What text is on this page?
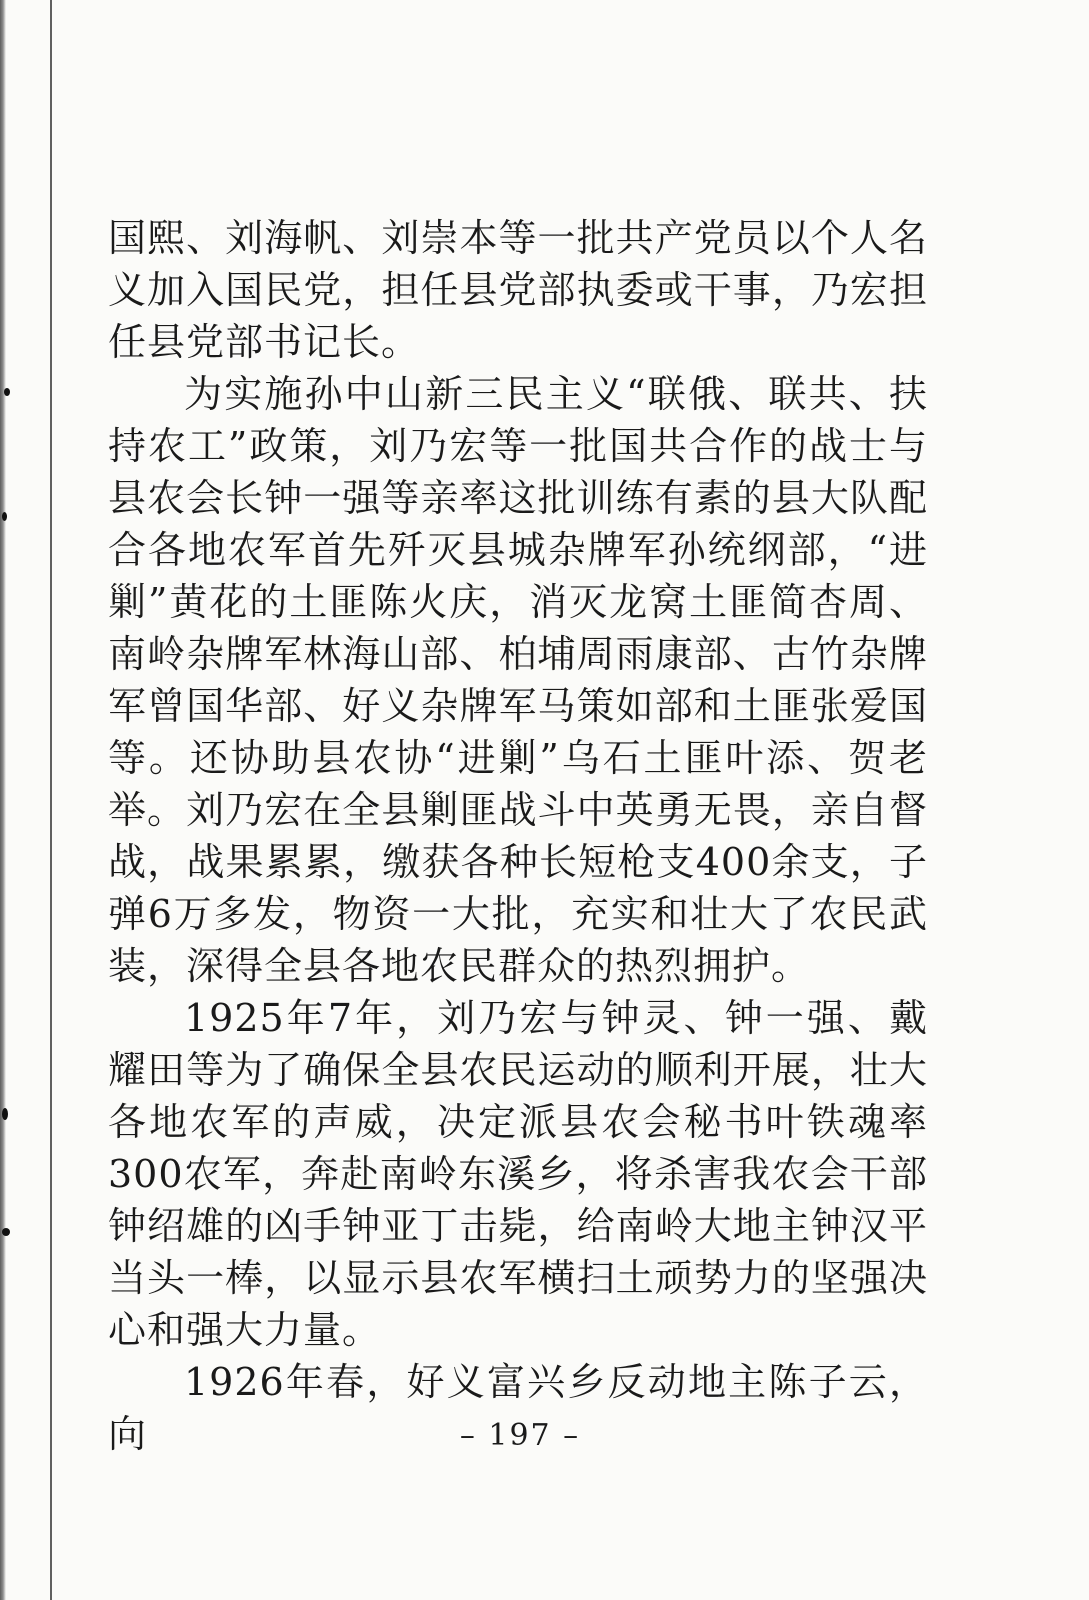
国熙、刘海帆、刘崇本等一批共产党员以个人名义加入国民党，担任县党部执委或干事，乃宏担任县党部书记长。

为实施孙中山新三民主义“联俄、联共、扶持农工”政策，刘乃宏等一批国共合作的战士与县农会长钟一强等亲率这批训练有素的县大队配合各地农军首先歼灭县城杂牌军孙统纲部，“进剿”黄花的土匪陈火庆，消灭龙窝土匪简杏周、南岭杂牌军林海山部、柏埔周雨康部、古竹杂牌军曾国华部、好义杂牌军马策如部和土匪张爱国等。还协助县农协“进剿”乌石土匪叶添、贺老举。刘乃宏在全县剿匪战斗中英勇无畏，亲自督战，战果累累，缴获各种长短枪支400余支，子弹6万多发，物资一大批，充实和壮大了农民武装，深得全县各地农民群众的热烈拥护。

1925年7年，刘乃宏与钟灵、钟一强、戴耀田等为了确保全县农民运动的顺利开展，壮大各地农军的声威，决定派县农会秘书叶铁魂率300农军，奔赴南岭东溪乡，将杀害我农会干部钟绍雄的凶手钟亚丁击毙，给南岭大地主钟汉平当头一棒，以显示县农军横扫土顽势力的坚强决心和强大力量。

1926年春，好义富兴乡反动地主陈子云，向	– 197 –
